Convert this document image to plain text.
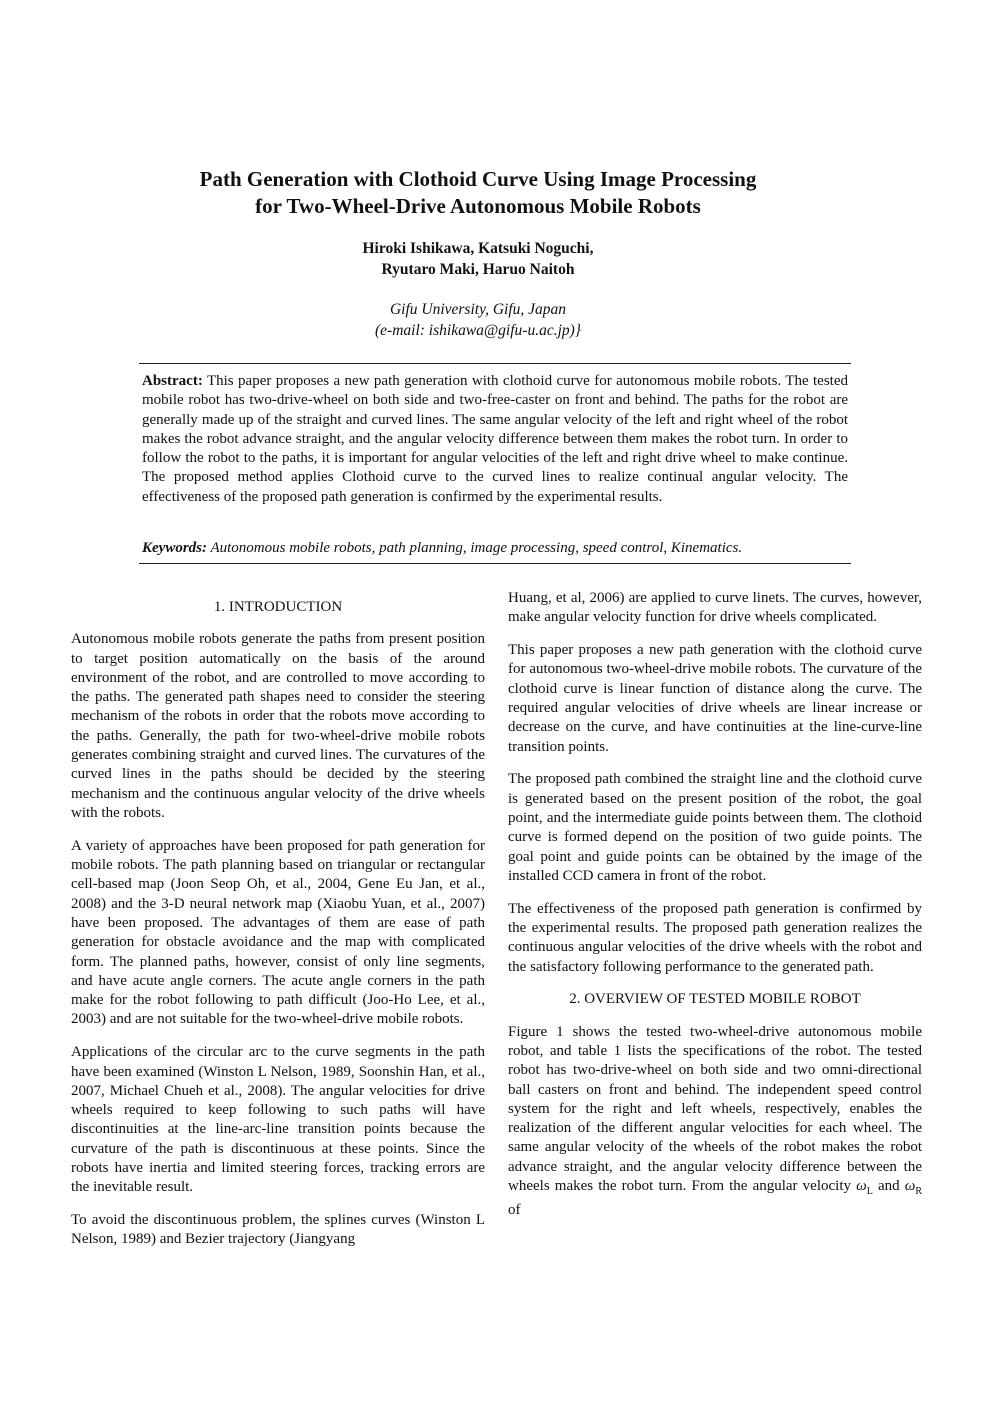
Path Generation with Clothoid Curve Using Image Processing
for Two-Wheel-Drive Autonomous Mobile Robots
Hiroki Ishikawa, Katsuki Noguchi,
Ryutaro Maki, Haruo Naitoh
Gifu University, Gifu, Japan
(e-mail: ishikawa@gifu-u.ac.jp)}
Abstract: This paper proposes a new path generation with clothoid curve for autonomous mobile robots. The tested mobile robot has two-drive-wheel on both side and two-free-caster on front and behind. The paths for the robot are generally made up of the straight and curved lines. The same angular velocity of the left and right wheel of the robot makes the robot advance straight, and the angular velocity difference between them makes the robot turn. In order to follow the robot to the paths, it is important for angular velocities of the left and right drive wheel to make continue. The proposed method applies Clothoid curve to the curved lines to realize continual angular velocity. The effectiveness of the proposed path generation is confirmed by the experimental results.
Keywords: Autonomous mobile robots, path planning, image processing, speed control, Kinematics.

1. INTRODUCTION

Autonomous mobile robots generate the paths from present position to target position automatically on the basis of the around environment of the robot, and are controlled to move according to the paths. The generated path shapes need to consider the steering mechanism of the robots in order that the robots move according to the paths. Generally, the path for two-wheel-drive mobile robots generates combining straight and curved lines. The curvatures of the curved lines in the paths should be decided by the steering mechanism and the continuous angular velocity of the drive wheels with the robots.

A variety of approaches have been proposed for path generation for mobile robots. The path planning based on triangular or rectangular cell-based map (Joon Seop Oh, et al., 2004, Gene Eu Jan, et al., 2008) and the 3-D neural network map (Xiaobu Yuan, et al., 2007) have been proposed. The advantages of them are ease of path generation for obstacle avoidance and the map with complicated form. The planned paths, however, consist of only line segments, and have acute angle corners. The acute angle corners in the path make for the robot following to path difficult (Joo-Ho Lee, et al., 2003) and are not suitable for the two-wheel-drive mobile robots.

Applications of the circular arc to the curve segments in the path have been examined (Winston L Nelson, 1989, Soonshin Han, et al., 2007, Michael Chueh et al., 2008). The angular velocities for drive wheels required to keep following to such paths will have discontinuities at the line-arc-line transition points because the curvature of the path is discontinuous at these points. Since the robots have inertia and limited steering forces, tracking errors are the inevitable result.

To avoid the discontinuous problem, the splines curves (Winston L Nelson, 1989) and Bezier trajectory (Jiangyang

Huang, et al, 2006) are applied to curve linets. The curves, however, make angular velocity function for drive wheels complicated.

This paper proposes a new path generation with the clothoid curve for autonomous two-wheel-drive mobile robots. The curvature of the clothoid curve is linear function of distance along the curve. The required angular velocities of drive wheels are linear increase or decrease on the curve, and have continuities at the line-curve-line transition points.

The proposed path combined the straight line and the clothoid curve is generated based on the present position of the robot, the goal point, and the intermediate guide points between them. The clothoid curve is formed depend on the position of two guide points. The goal point and guide points can be obtained by the image of the installed CCD camera in front of the robot.

The effectiveness of the proposed path generation is confirmed by the experimental results. The proposed path generation realizes the continuous angular velocities of the drive wheels with the robot and the satisfactory following performance to the generated path.

2. OVERVIEW OF TESTED MOBILE ROBOT

Figure 1 shows the tested two-wheel-drive autonomous mobile robot, and table 1 lists the specifications of the robot. The tested robot has two-drive-wheel on both side and two omni-directional ball casters on front and behind. The independent speed control system for the right and left wheels, respectively, enables the realization of the different angular velocities for each wheel. The same angular velocity of the wheels of the robot makes the robot advance straight, and the angular velocity difference between the wheels makes the robot turn. From the angular velocity $\omega_L$ and $\omega_R$ of
